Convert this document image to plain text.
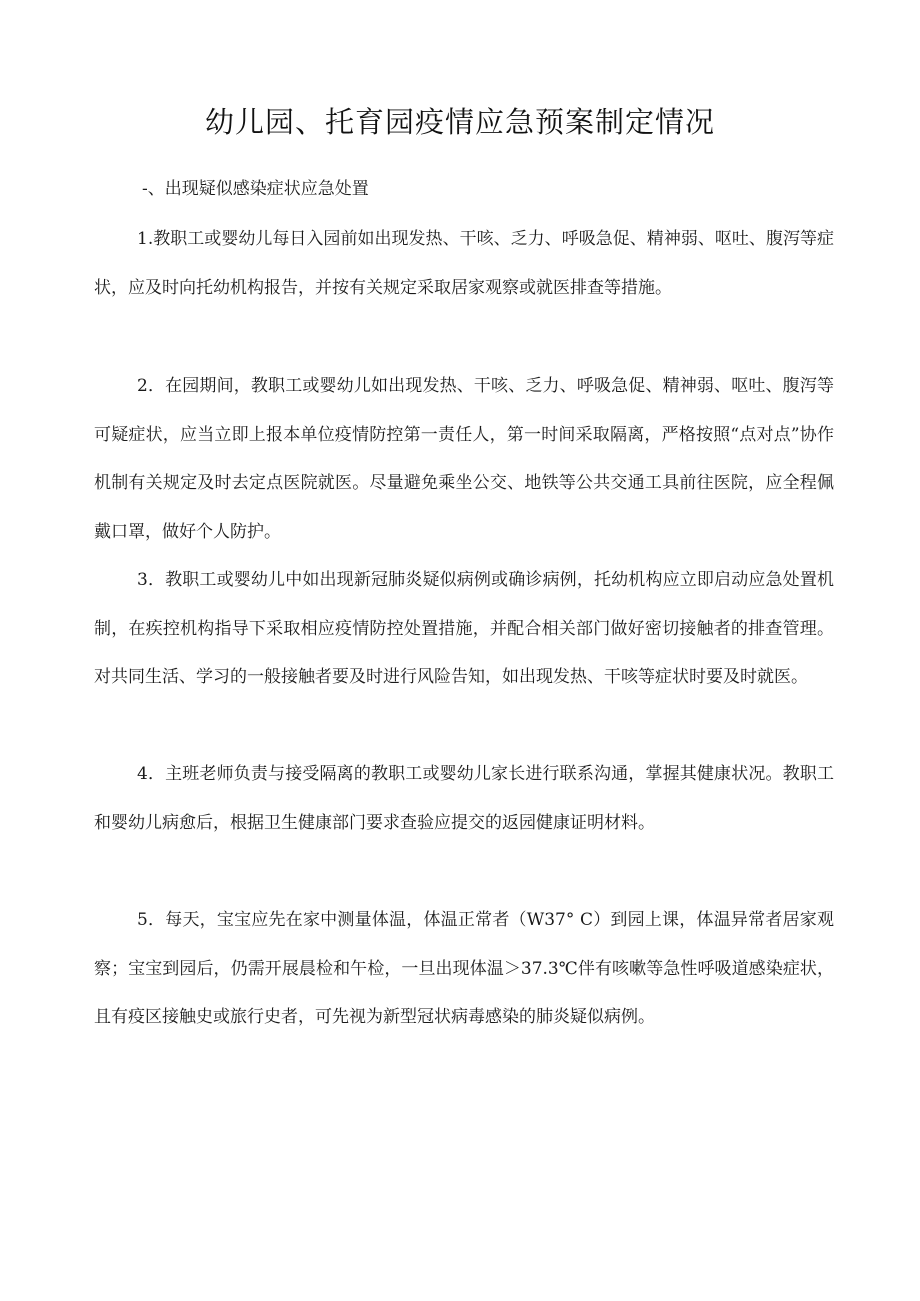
幼儿园、托育园疫情应急预案制定情况
-、出现疑似感染症状应急处置

1.教职工或婴幼儿每日入园前如出现发热、干咳、乏力、呼吸急促、精神弱、呕吐、腹泻等症状，应及时向托幼机构报告，并按有关规定采取居家观察或就医排查等措施。

2．在园期间，教职工或婴幼儿如出现发热、干咳、乏力、呼吸急促、精神弱、呕吐、腹泻等可疑症状，应当立即上报本单位疫情防控第一责任人，第一时间采取隔离，严格按照“点对点”协作机制有关规定及时去定点医院就医。尽量避免乘坐公交、地铁等公共交通工具前往医院，应全程佩戴口罩，做好个人防护。

3．教职工或婴幼儿中如出现新冠肺炎疑似病例或确诊病例，托幼机构应立即启动应急处置机制，在疾控机构指导下采取相应疫情防控处置措施，并配合相关部门做好密切接触者的排查管理。对共同生活、学习的一般接触者要及时进行风险告知，如出现发热、干咳等症状时要及时就医。

4．主班老师负责与接受隔离的教职工或婴幼儿家长进行联系沟通，掌握其健康状况。教职工和婴幼儿病愈后，根据卫生健康部门要求查验应提交的返园健康证明材料。

5．每天，宝宝应先在家中测量体温，体温正常者（W37° C）到园上课，体温异常者居家观察；宝宝到园后，仍需开展晨检和午检，一旦出现体温＞37.3℃伴有咳嗽等急性呼吸道感染症状，且有疫区接触史或旅行史者，可先视为新型冠状病毒感染的肺炎疑似病例。
